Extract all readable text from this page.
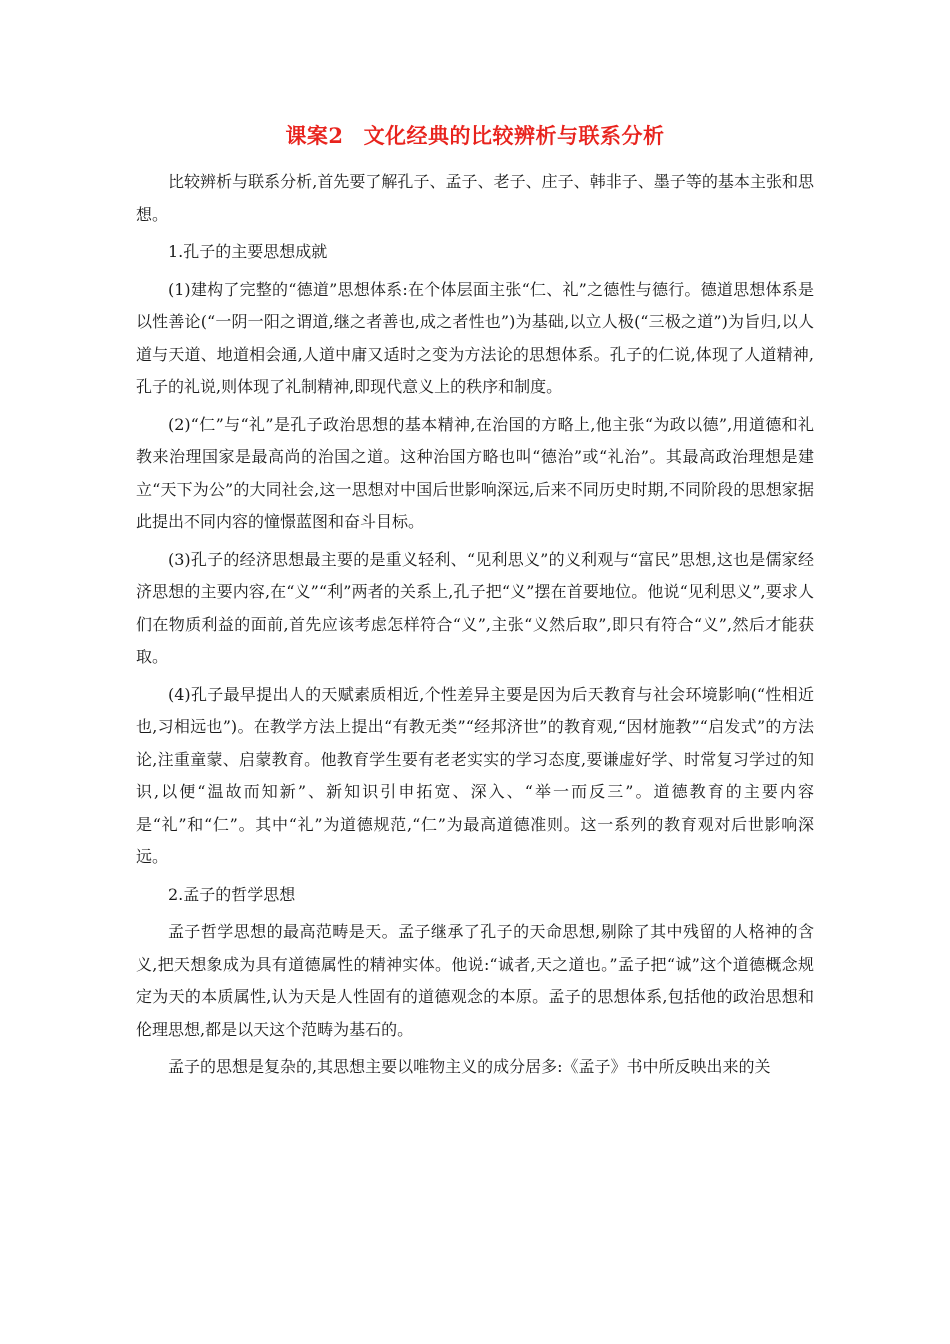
课案2 文化经典的比较辨析与联系分析

比较辨析与联系分析,首先要了解孔子、孟子、老子、庄子、韩非子、墨子等的基本主张和思想。

1.孔子的主要思想成就

(1)建构了完整的“德道”思想体系:在个体层面主张“仁、礼”之德性与德行。德道思想体系是以性善论(“一阴一阳之谓道,继之者善也,成之者性也”)为基础,以立人极(“三极之道”)为旨归,以人道与天道、地道相会通,人道中庸又适时之变为方法论的思想体系。孔子的仁说,体现了人道精神,孔子的礼说,则体现了礼制精神,即现代意义上的秩序和制度。

(2)“仁”与“礼”是孔子政治思想的基本精神,在治国的方略上,他主张“为政以德”,用道德和礼教来治理国家是最高尚的治国之道。这种治国方略也叫“德治”或“礼治”。其最高政治理想是建立“天下为公”的大同社会,这一思想对中国后世影响深远,后来不同历史时期,不同阶段的思想家据此提出不同内容的憧憬蓝图和奋斗目标。

(3)孔子的经济思想最主要的是重义轻利、“见利思义”的义利观与“富民”思想,这也是儒家经济思想的主要内容,在“义”“利”两者的关系上,孔子把“义”摆在首要地位。他说“见利思义”,要求人们在物质利益的面前,首先应该考虑怎样符合“义”,主张“义然后取”,即只有符合“义”,然后才能获取。

(4)孔子最早提出人的天赋素质相近,个性差异主要是因为后天教育与社会环境影响(“性相近也,习相远也”)。在教学方法上提出“有教无类”“经邦济世”的教育观,“因材施教”“启发式”的方法论,注重童蒙、启蒙教育。他教育学生要有老老实实的学习态度,要谦虚好学、时常复习学过的知识,以便“温故而知新”、新知识引申拓宽、深入、“举一而反三”。道德教育的主要内容是“礼”和“仁”。其中“礼”为道德规范,“仁”为最高道德准则。这一系列的教育观对后世影响深远。

2.孟子的哲学思想

孟子哲学思想的最高范畴是天。孟子继承了孔子的天命思想,剔除了其中残留的人格神的含义,把天想象成为具有道德属性的精神实体。他说:“诚者,天之道也。”孟子把“诚”这个道德概念规定为天的本质属性,认为天是人性固有的道德观念的本原。孟子的思想体系,包括他的政治思想和伦理思想,都是以天这个范畴为基石的。

孟子的思想是复杂的,其思想主要以唯物主义的成分居多:《孟子》书中所反映出来的关
